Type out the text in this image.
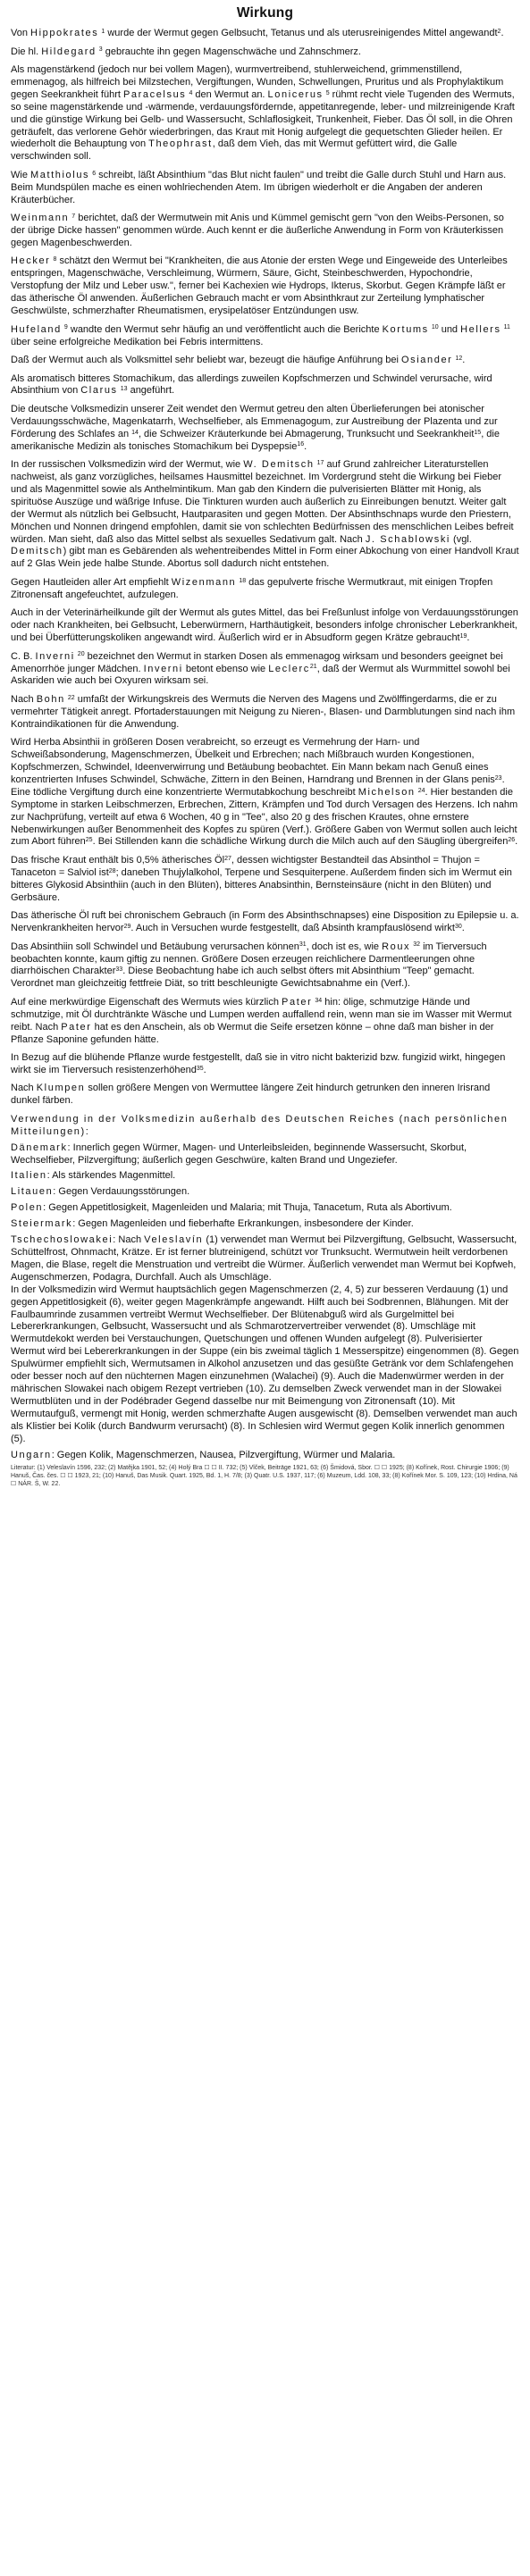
Wirkung

Von Hippokrates $^1$ wurde der Wermut gegen Gelbsucht, Tetanus und als uterusreinigendes Mittel angewandt$^2$.

Die hl. Hildegard $^3$ gebrauchte ihn gegen Magenschwäche und Zahnschmerz.

Als magenstärkend (jedoch nur bei vollem Magen), wurmvertreibend, stuhlerweichend, grimmenstillend, emmenagog, als hilfreich bei Milzstechen, Vergiftungen, Wunden, Schwellungen, Pruritus und als Prophylaktikum gegen Seekrankheit führt Paracelsus $^4$ den Wermut an. Lonicerus $^5$ rühmt recht viele Tugenden des Wermuts, so seine magenstärkende und -wärmende, verdauungsfördernde, appetitanregende, leber- und milzreinigende Kraft und die günstige Wirkung bei Gelb- und Wassersucht, Schlaflosigkeit, Trunkenheit, Fieber. Das Öl soll, in die Ohren geträufelt, das verlorene Gehör wiederbringen, das Kraut mit Honig aufgelegt die gequetschten Glieder heilen. Er wiederholt die Behauptung von Theophrast, daß dem Vieh, das mit Wermut gefüttert wird, die Galle verschwinden soll.

Wie Matthiolus $^6$ schreibt, läßt Absinthium "das Blut nicht faulen" und treibt die Galle durch Stuhl und Harn aus. Beim Mundspülen mache es einen wohlriechenden Atem. Im übrigen wiederholt er die Angaben der anderen Kräuterbücher.

Weinmann $^7$ berichtet, daß der Wermutwein mit Anis und Kümmel gemischt gern "von den Weibs-Personen, so der übrige Dicke hassen" genommen würde. Auch kennt er die äußerliche Anwendung in Form von Kräuterkissen gegen Magenbeschwerden.

Hecker $^8$ schätzt den Wermut bei "Krankheiten, die aus Atonie der ersten Wege und Eingeweide des Unterleibes entspringen, Magenschwäche, Verschleimung, Würmern, Säure, Gicht, Steinbeschwerden, Hypochondrie, Verstopfung der Milz und Leber usw.", ferner bei Kachexien wie Hydrops, Ikterus, Skorbut. Gegen Krämpfe läßt er das ätherische Öl anwenden. Äußerlichen Gebrauch macht er vom Absinthkraut zur Zerteilung lymphatischer Geschwülste, schmerzhafter Rheumatismen, erysipelatöser Entzündungen usw.

Hufeland $^9$ wandte den Wermut sehr häufig an und veröffentlicht auch die Berichte Kortums $^{10}$ und Hellers $^{11}$ über seine erfolgreiche Medikation bei Febris intermittens.

Daß der Wermut auch als Volksmittel sehr beliebt war, bezeugt die häufige Anführung bei Osiander $^{12}$.

Als aromatisch bitteres Stomachikum, das allerdings zuweilen Kopfschmerzen und Schwindel verursache, wird Absinthium von Clarus $^{13}$ angeführt.

Die deutsche Volksmedizin unserer Zeit wendet den Wermut getreu den alten Überlieferungen bei atonischer Verdauungsschwäche, Magenkatarrh, Wechselfieber, als Emmenagogum, zur Austreibung der Plazenta und zur Förderung des Schlafes an $^{14}$, die Schweizer Kräuterkunde bei Abmagerung, Trunksucht und Seekrankheit$^{15}$, die amerikanische Medizin als tonisches Stomachikum bei Dyspepsie$^{16}$.

In der russischen Volksmedizin wird der Wermut, wie W. Demitsch $^{17}$ auf Grund zahlreicher Literaturstellen nachweist, als ganz vorzügliches, heilsames Hausmittel bezeichnet. Im Vordergrund steht die Wirkung bei Fieber und als Magenmittel sowie als Anthelmintikum. Man gab den Kindern die pulverisierten Blätter mit Honig, als spirituöse Auszüge und wäßrige Infuse. Die Tinkturen wurden auch äußerlich zu Einreibungen benutzt. Weiter galt der Wermut als nützlich bei Gelbsucht, Hautparasiten und gegen Motten. Der Absinthschnaps wurde den Priestern, Mönchen und Nonnen dringend empfohlen, damit sie von schlechten Bedürfnissen des menschlichen Leibes befreit würden. Man sieht, daß also das Mittel selbst als sexuelles Sedativum galt. Nach J. Schablowski (vgl. Demitsch) gibt man es Gebärenden als wehentreibendes Mittel in Form einer Abkochung von einer Handvoll Kraut auf 2 Glas Wein jede halbe Stunde. Abortus soll dadurch nicht entstehen.

Gegen Hautleiden aller Art empfiehlt Wizenmann $^{18}$ das gepulverte frische Wermutkraut, mit einigen Tropfen Zitronensaft angefeuchtet, aufzulegen.

Auch in der Veterinärheilkunde gilt der Wermut als gutes Mittel, das bei Freßunlust infolge von Verdauungsstörungen oder nach Krankheiten, bei Gelbsucht, Leberwürmern, Harthäutigkeit, besonders infolge chronischer Leberkrankheit, und bei Überfütterungskoliken angewandt wird. Äußerlich wird er in Absudform gegen Krätze gebraucht$^{19}$.

C. B. Inverni $^{20}$ bezeichnet den Wermut in starken Dosen als emmenagog wirksam und besonders geeignet bei Amenorrhöe junger Mädchen. Inverni betont ebenso wie Leclerc$^{21}$, daß der Wermut als Wurmmittel sowohl bei Askariden wie auch bei Oxyuren wirksam sei.

Nach Bohn $^{22}$ umfaßt der Wirkungskreis des Wermuts die Nerven des Magens und Zwölffingerdarms, die er zu vermehrter Tätigkeit anregt. Pfortaderstauungen mit Neigung zu Nieren-, Blasen- und Darmblutungen sind nach ihm Kontraindikationen für die Anwendung.

Wird Herba Absinthii in größeren Dosen verabreicht, so erzeugt es Vermehrung der Harn- und Schweißabsonderung, Magenschmerzen, Übelkeit und Erbrechen; nach Mißbrauch wurden Kongestionen, Kopfschmerzen, Schwindel, Ideenverwirrung und Betäubung beobachtet. Ein Mann bekam nach Genuß eines konzentrierten Infuses Schwindel, Schwäche, Zittern in den Beinen, Harndrang und Brennen in der Glans penis$^{23}$. Eine tödliche Vergiftung durch eine konzentrierte Wermutabkochung beschreibt Michelson $^{24}$. Hier bestanden die Symptome in starken Leibschmerzen, Erbrechen, Zittern, Krämpfen und Tod durch Versagen des Herzens. Ich nahm zur Nachprüfung, verteilt auf etwa 6 Wochen, 40 g in "Tee", also 20 g des frischen Krautes, ohne ernstere Nebenwirkungen außer Benommenheit des Kopfes zu spüren (Verf.). Größere Gaben von Wermut sollen auch leicht zum Abort führen$^{25}$. Bei Stillenden kann die schädliche Wirkung durch die Milch auch auf den Säugling übergreifen$^{26}$.

Das frische Kraut enthält bis 0,5% ätherisches $Öl^{27}$, dessen wichtigster Bestandteil das Absinthol = Thujon = Tanaceton = Salviol ist$^{28}$; daneben Thujylalkohol, Terpene und Sesquiterpene. Außerdem finden sich im Wermut ein bitteres Glykosid Absinthiin (auch in den Blüten), bitteres Anabsinthin, Bernsteinsäure (nicht in den Blüten) und Gerbsäure.

Das ätherische Öl ruft bei chronischem Gebrauch (in Form des Absinthschnapses) eine Disposition zu Epilepsie u. a. Nervenkrankheiten hervor$^{29}$. Auch in Versuchen wurde festgestellt, daß Absinth krampfauslösend wirkt$^{30}$.

Das Absinthiin soll Schwindel und Betäubung verursachen können$^{31}$, doch ist es, wie Roux $^{32}$ im Tierversuch beobachten konnte, kaum giftig zu nennen. Größere Dosen erzeugen reichlichere Darmentleerungen ohne diarrhöischen Charakter$^{33}$. Diese Beobachtung habe ich auch selbst öfters mit Absinthium "Teep" gemacht. Verordnet man gleichzeitig fettfreie Diät, so tritt beschleunigte Gewichtsabnahme ein (Verf.).

Auf eine merkwürdige Eigenschaft des Wermuts wies kürzlich Pater $^{34}$ hin: ölige, schmutzige Hände und schmutzige, mit Öl durchtränkte Wäsche und Lumpen werden auffallend rein, wenn man sie im Wasser mit Wermut reibt. Nach Pater hat es den Anschein, als ob Wermut die Seife ersetzen könne – ohne daß man bisher in der Pflanze Saponine gefunden hätte.

In Bezug auf die blühende Pflanze wurde festgestellt, daß sie in vitro nicht bakterizid bzw. fungizid wirkt, hingegen wirkt sie im Tierversuch resistenzerhöhend$^{35}$.

Nach Klumpen sollen größere Mengen von Wermuttee längere Zeit hindurch getrunken den inneren Irisrand dunkel färben.

Verwendung in der Volksmedizin außerhalb des Deutschen Reiches (nach persönlichen Mitteilungen):

Dänemark: Innerlich gegen Würmer, Magen- und Unterleibsleiden, beginnende Wassersucht, Skorbut, Wechselfieber, Pilzvergiftung; äußerlich gegen Geschwüre, kalten Brand und Ungeziefer.

Italien: Als stärkendes Magenmittel.

Litauen: Gegen Verdauungsstörungen.

Polen: Gegen Appetitlosigkeit, Magenleiden und Malaria; mit Thuja, Tanacetum, Ruta als Abortivum.

Steiermark: Gegen Magenleiden und fieberhafte Erkrankungen, insbesondere der Kinder.

Tschechoslowakei: Nach Veleslavín (1) verwendet man Wermut bei Pilzvergiftung, Gelbsucht, Wassersucht, Schüttelfrost, Ohnmacht, Krätze. Er ist ferner blutreinigend, schützt vor Trunksucht. Wermutwein heilt verdorbenen Magen, die Blase, regelt die Menstruation und vertreibt die Würmer. Äußerlich verwendet man Wermut bei Kopfweh, Augenschmerzen, Podagra, Durchfall. Auch als Umschläge.
In der Volksmedizin wird Wermut hauptsächlich gegen Magenschmerzen (2, 4, 5) zur besseren Verdauung (1) und gegen Appetitlosigkeit (6), weiter gegen Magenkrämpfe angewandt. Hilft auch bei Sodbrennen, Blähungen. Mit der Faulbaumrinde zusammen vertreibt Wermut Wechselfieber. Der Blütenabguß wird als Gurgelmittel bei Lebererkrankungen, Gelbsucht, Wassersucht und als Schmarotzervertreiber verwendet (8). Umschläge mit Wermutdekokt werden bei Verstauchungen, Quetschungen und offenen Wunden aufgelegt (8). Pulverisierter Wermut wird bei Lebererkrankungen in der Suppe (ein bis zweimal täglich 1 Messerspitze) eingenommen (8). Gegen Spulwürmer empfiehlt sich, Wermutsamen in Alkohol anzusetzen und das gesüßte Getränk vor dem Schlafengehen oder besser noch auf den nüchternen Magen einzunehmen (Walachei) (9). Auch die Madenwürmer werden in der mährischen Slowakei nach obigem Rezept vertrieben (10). Zu demselben Zweck verwendet man in der Slowakei Wermutblüten und in der Podébrader Gegend dasselbe nur mit Beimengung von Zitronensaft (10). Mit Wermutaufguß, vermengt mit Honig, werden schmerzhafte Augen ausgewischt (8). Demselben verwendet man auch als Klistier bei Kolik (durch Bandwurm verursacht) (8). In Schlesien wird Wermut gegen Kolik innerlich genommen (5).

Ungarn: Gegen Kolik, Magenschmerzen, Nausea, Pilzvergiftung, Würmer und Malaria.

Literatur: (1) Veleslavín 1596, 232; (2) Matějka 1901, 52; (4) Holý Bra ☐ ☐ II. 732; (5) Vlček, Beiträge 1921, 63; (6) Šmidová, Sbor. ☐ ☐ 1925; (8) Kořínek, Rost. Chirurgie 1906; (9) Hanuš, Čas. čes. ☐ ☐ 1923, 21; (10) Hanuš, Das Musik. Quart. 1925, Bd. 1, H. 7/8; (3) Quatr. U.S. 1937, 117; (6) Muzeum, Ldd. 108, 33; (8) Kořínek Mor. S. 109, 123; (10) Hrdina, Ná ☐ NÁR. Š, W. 22.
